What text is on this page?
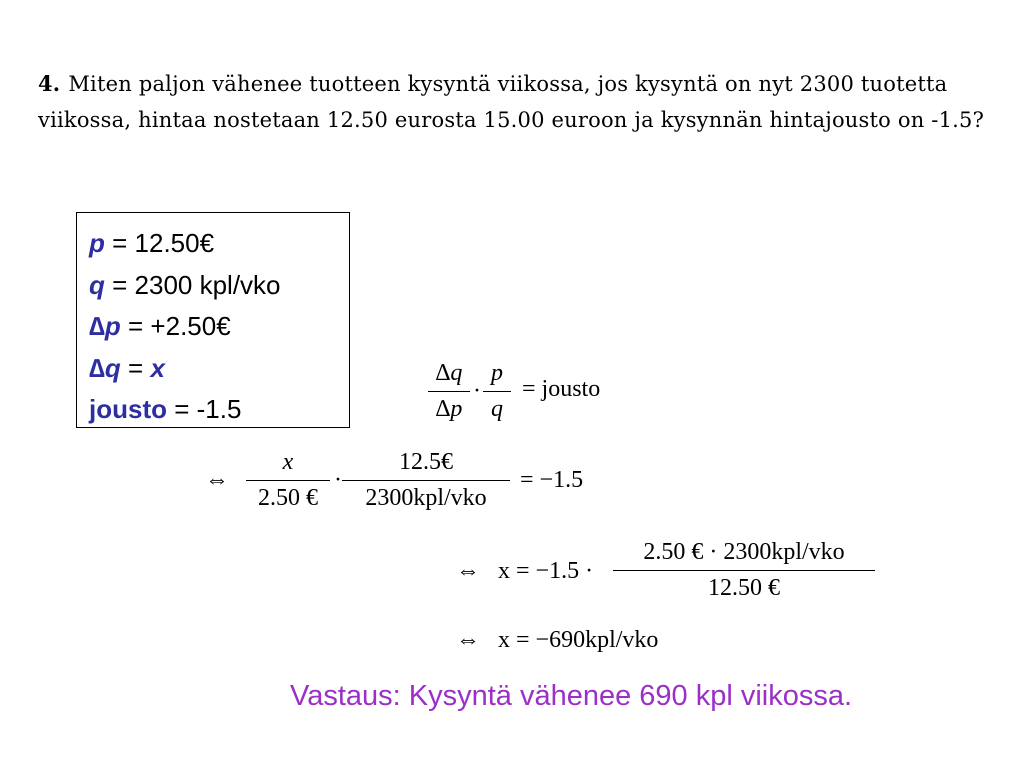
4. Miten paljon vähenee tuotteen kysyntä viikossa, jos kysyntä on nyt 2300 tuotetta viikossa, hintaa nostetaan 12.50 eurosta 15.00 euroon ja kysynnän hintajousto on -1.5?
p = 12.50€
q = 2300 kpl/vko
∆p = +2.50€
∆q = x
jousto = -1.5
∆q
∆p
·
p
q
= jousto
⇔
x
2.50 €
·
12.5€
2300kpl/vko
= −1.5
⇔ x = −1.5 ·
2.50 € · 2300kpl/vko
12.50 €
⇔ x = −690kpl/vko
Vastaus: Kysyntä vähenee 690 kpl viikossa.
